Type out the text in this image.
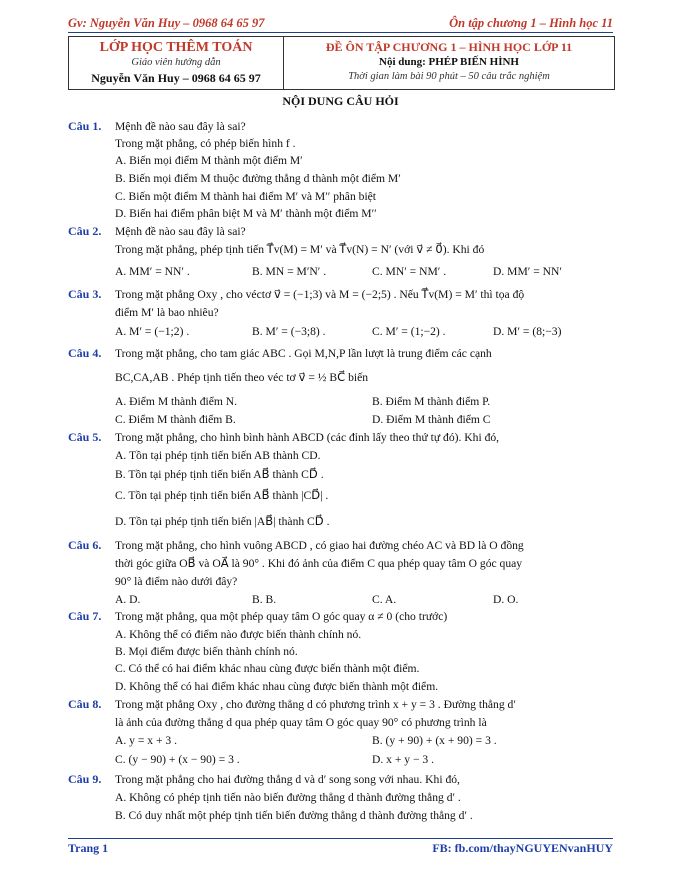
Gv: Nguyễn Văn Huy – 0968 64 65 97	Ôn tập chương 1 – Hình học 11
LỚP HỌC THÊM TOÁN
Giáo viên hướng dẫn
Nguyễn Văn Huy – 0968 64 65 97
ĐỀ ÔN TẬP CHƯƠNG 1 – HÌNH HỌC LỚP 11
Nội dung: PHÉP BIẾN HÌNH
Thời gian làm bài 90 phút – 50 câu trắc nghiệm
NỘI DUNG CÂU HỎI
Câu 1. Mệnh đề nào sau đây là sai?
Trong mặt phẳng, có phép biến hình f .
A. Biến mọi điểm M thành một điểm M′
B. Biến mọi điểm M thuộc đường thẳng d thành một điểm M′
C. Biến một điểm M thành hai điểm M′ và M′′ phân biệt
D. Biến hai điểm phân biệt M và M′ thành một điểm M′′
Câu 2. Mệnh đề nào sau đây là sai?
Trong mặt phẳng, phép tịnh tiến T⃗v(M) = M′ và T⃗v(N) = N′ (với v⃗ ≠ 0⃗). Khi đó
A. MM′ = NN′ .	B. MN = M′N′ .	C. MN′ = NM′ .	D. MM′ = NN′
Câu 3. Trong mặt phẳng Oxy , cho véctơ v⃗ = (−1;3) và M = (−2;5) . Nếu T⃗v(M) = M′ thì tọa độ
điểm M′ là bao nhiêu?
A. M′ = (−1;2) .	B. M′ = (−3;8) .	C. M′ = (1;−2) .	D. M′ = (8;−3)
Câu 4. Trong mặt phẳng, cho tam giác ABC . Gọi M,N,P lần lượt là trung điểm các cạnh
BC,CA,AB . Phép tịnh tiến theo véc tơ v⃗ = ½ BC⃗ biến
A. Điểm M thành điểm N.	B. Điểm M thành điểm P.
C. Điểm M thành điểm B.	D. Điểm M thành điểm C
Câu 5. Trong mặt phẳng, cho hình bình hành ABCD (các đỉnh lấy theo thứ tự đó). Khi đó,
A. Tồn tại phép tịnh tiến biến AB thành CD.
B. Tồn tại phép tịnh tiến biến AB⃗ thành CD⃗ .
C. Tồn tại phép tịnh tiến biến AB⃗ thành |CD⃗| .
D. Tồn tại phép tịnh tiến biến |AB⃗| thành CD⃗ .
Câu 6. Trong mặt phẳng, cho hình vuông ABCD , có giao hai đường chéo AC và BD là O đồng
thời góc giữa OB⃗ và OA⃗ là 90° . Khi đó ảnh của điểm C qua phép quay tâm O góc quay
90° là điểm nào dưới đây?
A. D.	B. B.	C. A.	D. O.
Câu 7. Trong mặt phẳng, qua một phép quay tâm O góc quay α ≠ 0 (cho trước)
A. Không thể có điểm nào được biến thành chính nó.
B. Mọi điểm được biến thành chính nó.
C. Có thể có hai điểm khác nhau cùng được biến thành một điểm.
D. Không thể có hai điểm khác nhau cùng được biến thành một điểm.
Câu 8. Trong mặt phẳng Oxy , cho đường thẳng d có phương trình x + y = 3 . Đường thẳng d′
là ảnh của đường thẳng d qua phép quay tâm O góc quay 90° có phương trình là
A. y = x + 3 .	B. (y + 90) + (x + 90) = 3 .
C. (y − 90) + (x − 90) = 3 .	D. x + y − 3 .
Câu 9. Trong mặt phẳng cho hai đường thẳng d và d′ song song với nhau. Khi đó,
A. Không có phép tịnh tiến nào biến đường thẳng d thành đường thẳng d′ .
B. Có duy nhất một phép tịnh tiến biến đường thẳng d thành đường thẳng d′ .
Trang 1	FB: fb.com/thayNGUYENvanHUY
